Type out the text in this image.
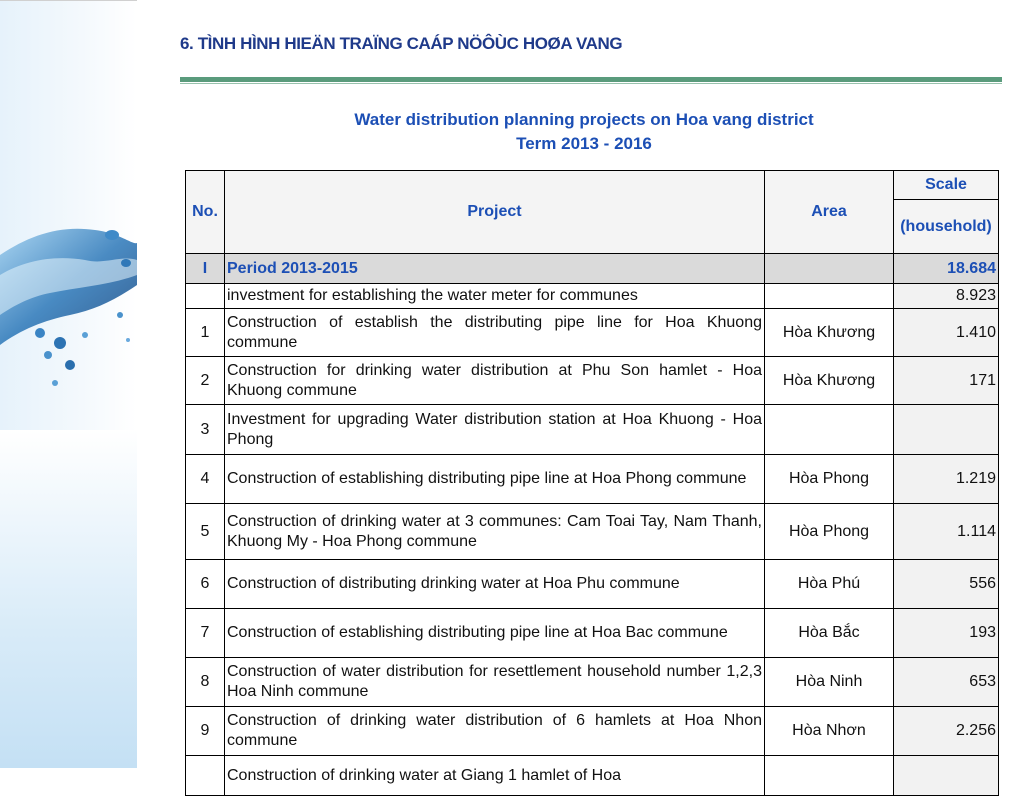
6. TÌNH HÌNH HIEÄN TRAÏNG CAÁP NÖÔÙC HOØA VANG
Water distribution planning projects on Hoa vang district
Term 2013 - 2016
No.	Project	Area	Scale
			(household)
I	Period 2013-2015		18.684
	investment for establishing the water meter for communes		8.923
1	Construction of establish the distributing pipe line for Hoa Khuong commune	Hòa Khương	1.410
2	Construction for drinking water distribution at Phu Son hamlet - Hoa Khuong commune	Hòa Khương	171
3	Investment for upgrading Water distribution station at Hoa Khuong - Hoa Phong		
4	Construction of establishing distributing pipe line at Hoa Phong commune	Hòa Phong	1.219
5	Construction of drinking water at 3 communes: Cam Toai Tay, Nam Thanh, Khuong My - Hoa Phong commune	Hòa Phong	1.114
6	Construction of distributing drinking water at Hoa Phu commune	Hòa Phú	556
7	Construction of establishing distributing pipe line at Hoa Bac commune	Hòa Bắc	193
8	Construction of water distribution for resettlement household number 1,2,3 Hoa Ninh commune	Hòa Ninh	653
9	Construction of drinking water distribution of 6 hamlets at Hoa Nhon commune	Hòa Nhơn	2.256
	Construction of drinking water at Giang 1 hamlet of Hoa		
